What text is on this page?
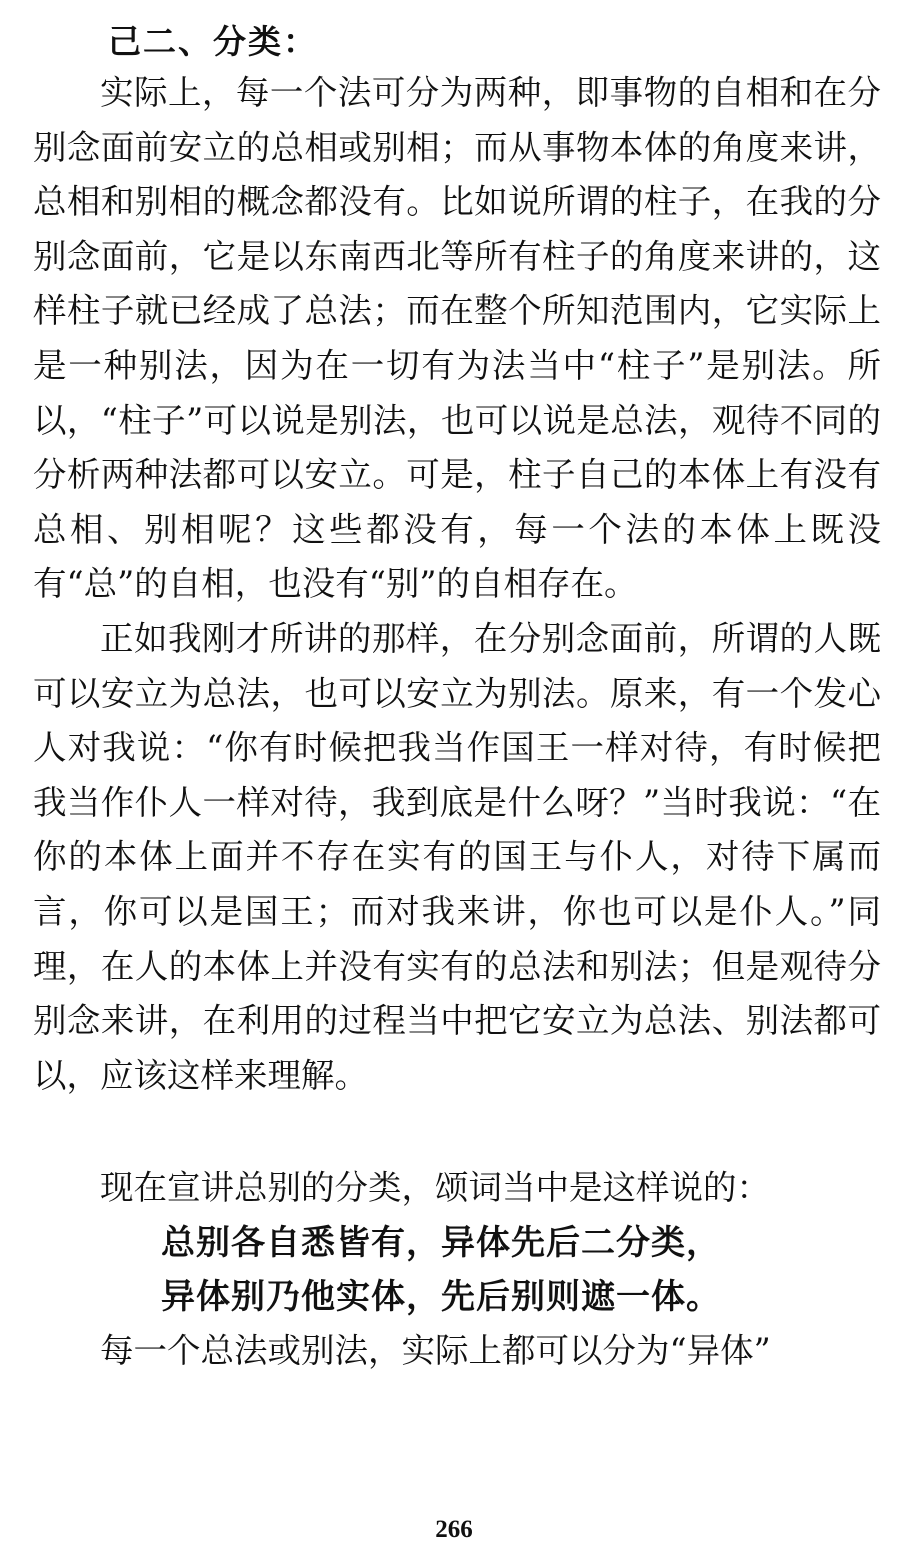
己二、分类：

实际上，每一个法可分为两种，即事物的自相和在分别念面前安立的总相或别相；而从事物本体的角度来讲，总相和别相的概念都没有。比如说所谓的柱子，在我的分别念面前，它是以东南西北等所有柱子的角度来讲的，这样柱子就已经成了总法；而在整个所知范围内，它实际上是一种别法，因为在一切有为法当中“柱子”是别法。所以，“柱子”可以说是别法，也可以说是总法，观待不同的分析两种法都可以安立。可是，柱子自己的本体上有没有总相、别相呢？这些都没有，每一个法的本体上既没有“总”的自相，也没有“别”的自相存在。

正如我刚才所讲的那样，在分别念面前，所谓的人既可以安立为总法，也可以安立为别法。原来，有一个发心人对我说：“你有时候把我当作国王一样对待，有时候把我当作仆人一样对待，我到底是什么呀？”当时我说：“在你的本体上面并不存在实有的国王与仆人，对待下属而言，你可以是国王；而对我来讲，你也可以是仆人。”同理，在人的本体上并没有实有的总法和别法；但是观待分别念来讲，在利用的过程当中把它安立为总法、别法都可以，应该这样来理解。

现在宣讲总别的分类，颂词当中是这样说的：

总别各自悉皆有，异体先后二分类，

异体别乃他实体，先后别则遮一体。

每一个总法或别法，实际上都可以分为“异体”

266
